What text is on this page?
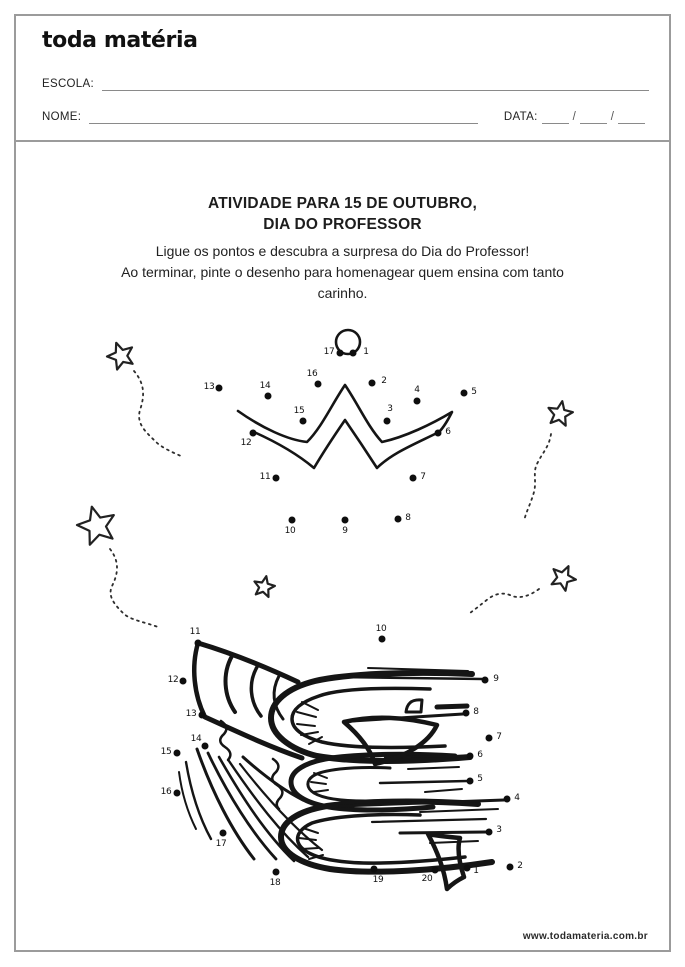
toda matéria
ESCOLA:
NOME:	DATA:	/	/
ATIVIDADE PARA 15 DE OUTUBRO,
DIA DO PROFESSOR
Ligue os pontos e descubra a surpresa do Dia do Professor!
Ao terminar, pinte o desenho para homenagear quem ensina com tanto
carinho.
1
2
3
4	5
6
7
8
9
10
11
12
13	14
15
16
17
1	2
3
4
5
6
7
8
9
10
11
12
13
14
15
16
17
18	19	20
www.todamateria.com.br
